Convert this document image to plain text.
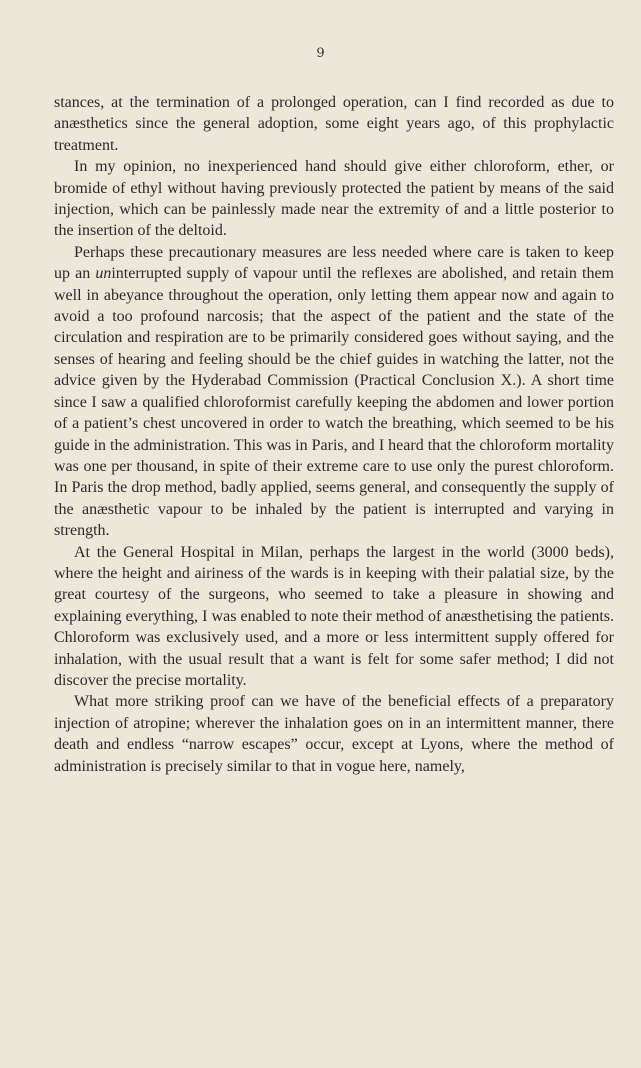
9

stances, at the termination of a prolonged operation, can I find recorded as due to anæsthetics since the general adoption, some eight years ago, of this prophylactic treatment.

In my opinion, no inexperienced hand should give either chloroform, ether, or bromide of ethyl without having previously protected the patient by means of the said injection, which can be painlessly made near the extremity of and a little posterior to the insertion of the deltoid.

Perhaps these precautionary measures are less needed where care is taken to keep up an uninterrupted supply of vapour until the reflexes are abolished, and retain them well in abeyance throughout the operation, only letting them appear now and again to avoid a too profound narcosis; that the aspect of the patient and the state of the circulation and respiration are to be primarily considered goes without saying, and the senses of hearing and feeling should be the chief guides in watching the latter, not the advice given by the Hyderabad Commission (Practical Conclusion X.). A short time since I saw a qualified chloroformist carefully keeping the abdomen and lower portion of a patient’s chest uncovered in order to watch the breathing, which seemed to be his guide in the administration. This was in Paris, and I heard that the chloroform mortality was one per thousand, in spite of their extreme care to use only the purest chloroform. In Paris the drop method, badly applied, seems general, and consequently the supply of the anæsthetic vapour to be inhaled by the patient is interrupted and varying in strength.

At the General Hospital in Milan, perhaps the largest in the world (3000 beds), where the height and airiness of the wards is in keeping with their palatial size, by the great courtesy of the surgeons, who seemed to take a pleasure in showing and explaining everything, I was enabled to note their method of anæsthetising the patients. Chloroform was exclusively used, and a more or less intermittent supply offered for inhalation, with the usual result that a want is felt for some safer method; I did not discover the precise mortality.

What more striking proof can we have of the beneficial effects of a preparatory injection of atropine; wherever the inhalation goes on in an intermittent manner, there death and endless “narrow escapes” occur, except at Lyons, where the method of administration is precisely similar to that in vogue here, namely,
